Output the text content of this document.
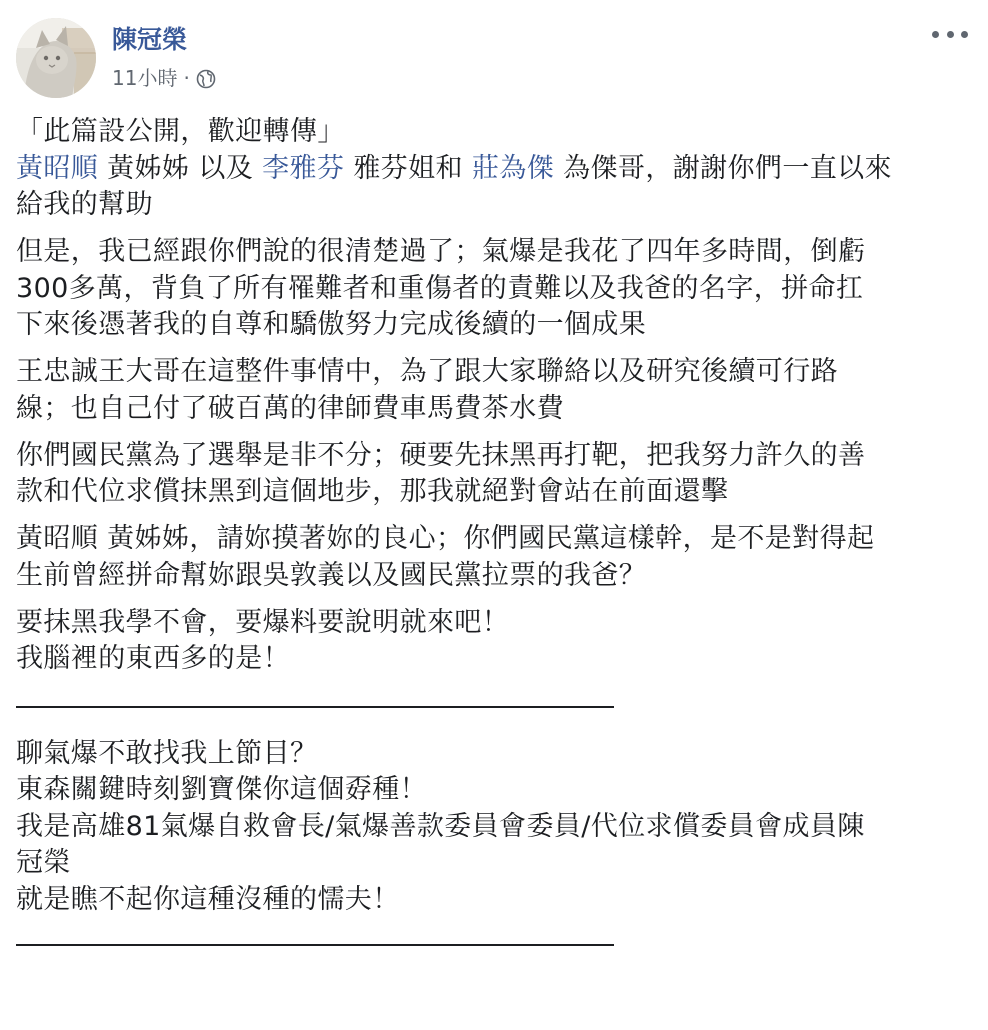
陳冠榮
11小時 ·
「此篇設公開，歡迎轉傳」
黃昭順 黃姊姊 以及 李雅芬 雅芬姐和 莊為傑 為傑哥，謝謝你們一直以來
給我的幫助
但是，我已經跟你們說的很清楚過了；氣爆是我花了四年多時間，倒虧
300多萬，背負了所有罹難者和重傷者的責難以及我爸的名字，拼命扛
下來後憑著我的自尊和驕傲努力完成後續的一個成果
王忠誠王大哥在這整件事情中，為了跟大家聯絡以及研究後續可行路
線；也自己付了破百萬的律師費車馬費茶水費
你們國民黨為了選舉是非不分；硬要先抹黑再打靶，把我努力許久的善
款和代位求償抹黑到這個地步，那我就絕對會站在前面還擊
黃昭順 黃姊姊，請妳摸著妳的良心；你們國民黨這樣幹，是不是對得起
生前曾經拼命幫妳跟吳敦義以及國民黨拉票的我爸？
要抹黑我學不會，要爆料要說明就來吧！
我腦裡的東西多的是！
聊氣爆不敢找我上節目？
東森關鍵時刻劉寶傑你這個孬種！
我是高雄81氣爆自救會長/氣爆善款委員會委員/代位求償委員會成員陳
冠榮
就是瞧不起你這種沒種的懦夫！
